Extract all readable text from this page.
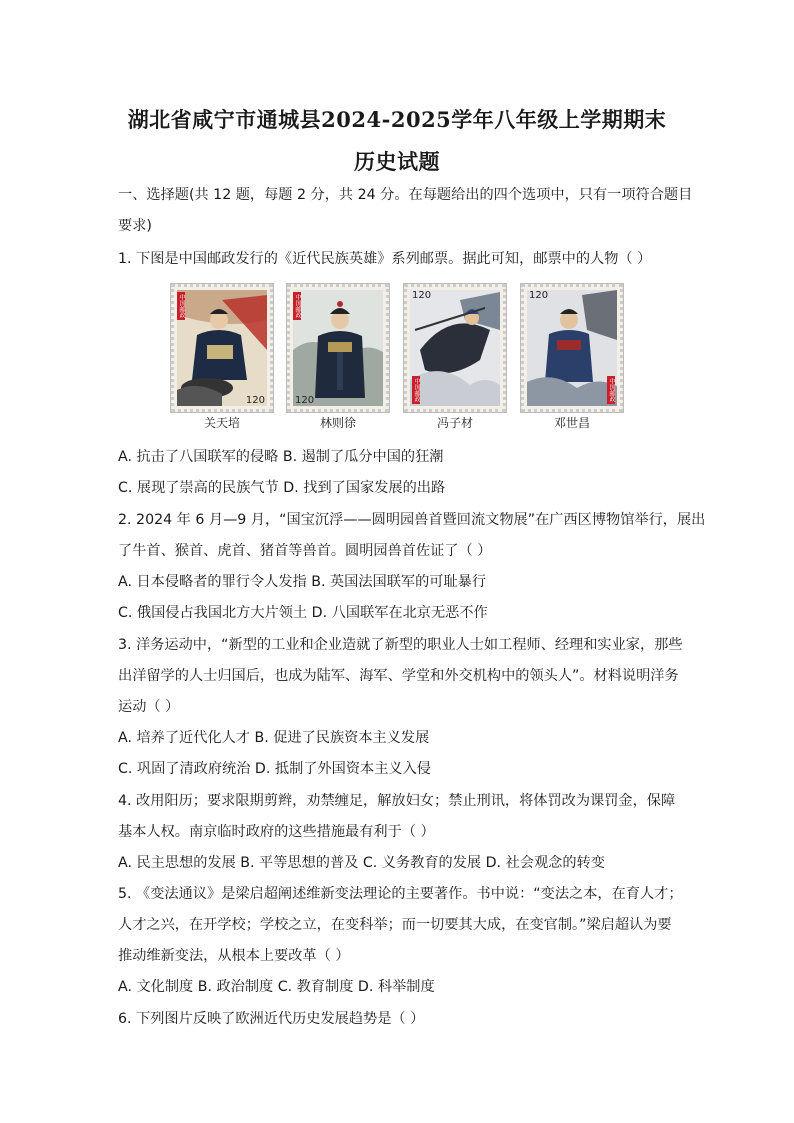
湖北省咸宁市通城县2024-2025学年八年级上学期期末
历史试题
一、选择题(共 12 题，每题 2 分，共 24 分。在每题给出的四个选项中，只有一项符合题目
要求)
1. 下图是中国邮政发行的《近代民族英雄》系列邮票。据此可知，邮票中的人物（ ）
中国邮政
120
关天培
中国邮政
120
林则徐
120
中国邮政
冯子材
120
中国邮政
邓世昌
A. 抗击了八国联军的侵略 B. 遏制了瓜分中国的狂潮
C. 展现了崇高的民族气节 D. 找到了国家发展的出路
2. 2024 年 6 月—9 月，“国宝沉浮——圆明园兽首暨回流文物展”在广西区博物馆举行，展出
了牛首、猴首、虎首、猪首等兽首。圆明园兽首佐证了（ ）
A. 日本侵略者的罪行令人发指 B. 英国法国联军的可耻暴行
C. 俄国侵占我国北方大片领土 D. 八国联军在北京无恶不作
3. 洋务运动中，“新型的工业和企业造就了新型的职业人士如工程师、经理和实业家，那些
出洋留学的人士归国后，也成为陆军、海军、学堂和外交机构中的领头人”。材料说明洋务
运动（ ）
A. 培养了近代化人才 B. 促进了民族资本主义发展
C. 巩固了清政府统治 D. 抵制了外国资本主义入侵
4. 改用阳历；要求限期剪辫，劝禁缠足，解放妇女；禁止刑讯，将体罚改为课罚金，保障
基本人权。南京临时政府的这些措施最有利于（ ）
A. 民主思想的发展 B. 平等思想的普及 C. 义务教育的发展 D. 社会观念的转变
5. 《变法通议》是梁启超阐述维新变法理论的主要著作。书中说：“变法之本，在育人才；
人才之兴，在开学校；学校之立，在变科举；而一切要其大成，在变官制。”梁启超认为要
推动维新变法，从根本上要改革（ ）
A. 文化制度 B. 政治制度 C. 教育制度 D. 科举制度
6. 下列图片反映了欧洲近代历史发展趋势是（ ）
